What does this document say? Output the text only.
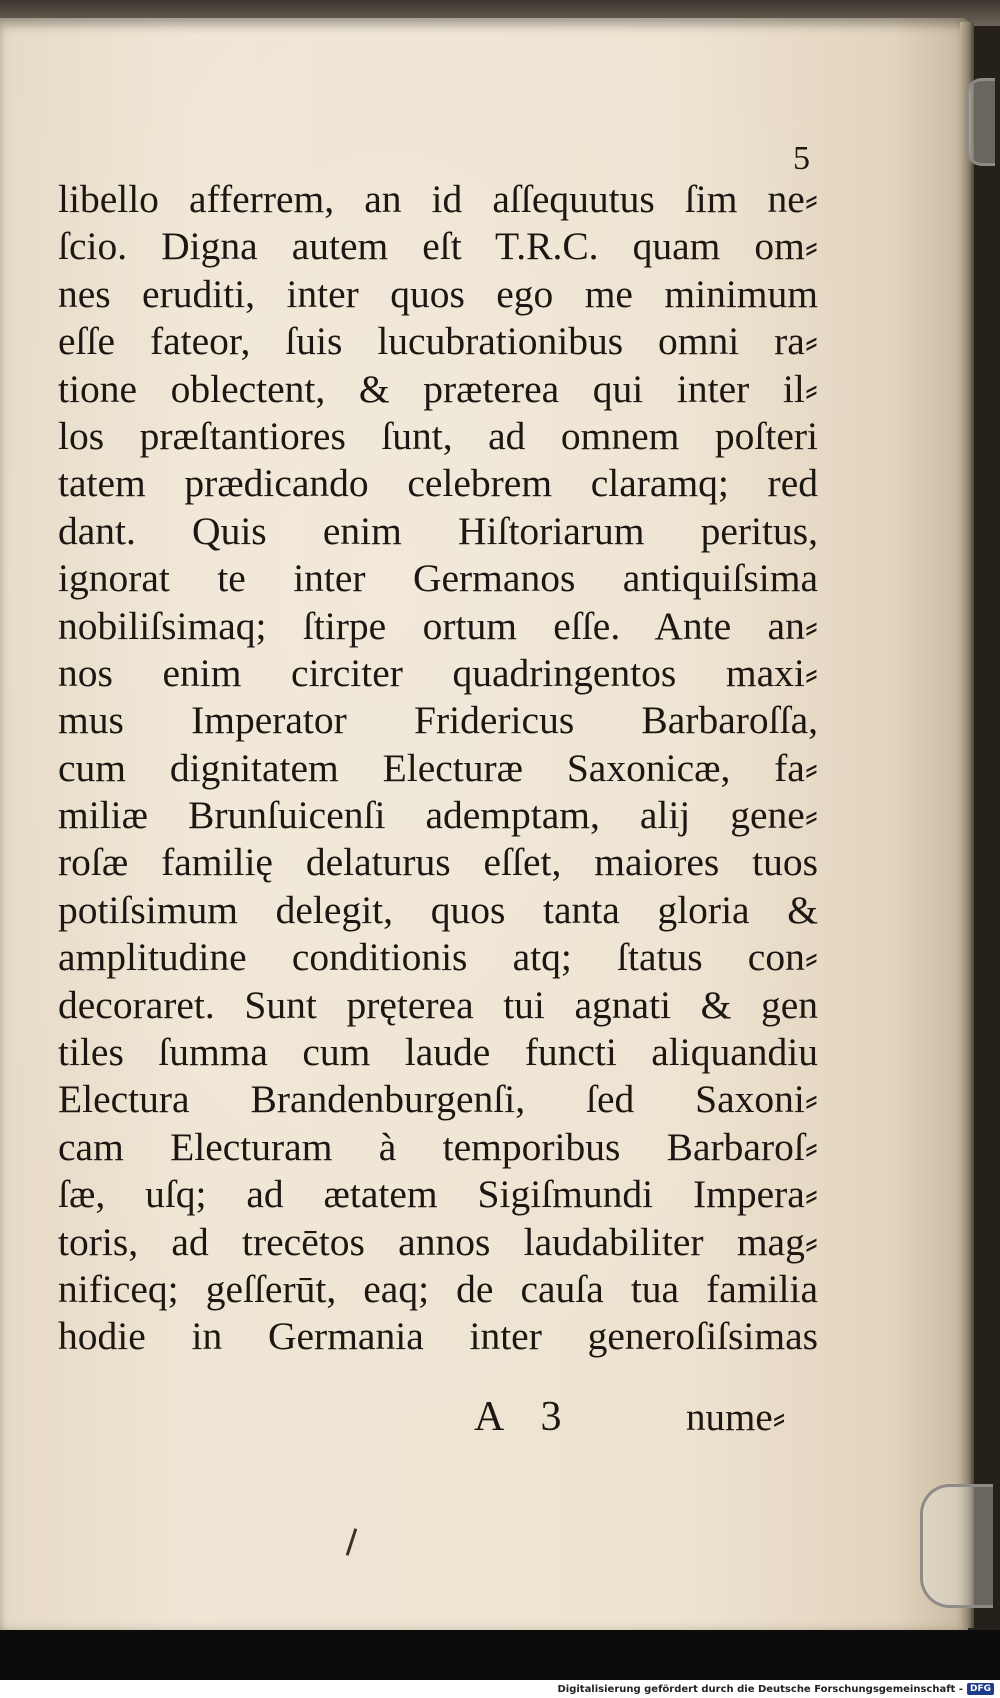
5
libello afferrem, an id aſſequutus ſim ne⸗
ſcio. Digna autem eſt T.R.C. quam om⸗
nes eruditi, inter quos ego me minimum
eſſe fateor, ſuis lucubrationibus omni ra⸗
tione oblectent, & præterea qui inter il⸗
los præſtantiores ſunt, ad omnem poſteri
tatem prædicando celebrem claramq; red
dant. Quis enim Hiſtoriarum peritus,
ignorat te inter Germanos antiquiſsima
nobiliſsimaq; ſtirpe ortum eſſe. Ante an⸗
nos enim circiter quadringentos maxi⸗
mus Imperator Fridericus Barbaroſſa,
cum dignitatem Electuræ Saxonicæ, fa⸗
miliæ Brunſuicenſi ademptam, alij gene⸗
roſæ familię delaturus eſſet, maiores tuos
potiſsimum delegit, quos tanta gloria &
amplitudine conditionis atq; ſtatus con⸗
decoraret. Sunt pręterea tui agnati & gen
tiles ſumma cum laude functi aliquandiu
Electura Brandenburgenſi, ſed Saxoni⸗
cam Electuram à temporibus Barbaroſ⸗
ſæ, uſq; ad ætatem Sigiſmundi Impera⸗
toris, ad trecētos annos laudabiliter mag⸗
nificeq; geſſerūt, eaq; de cauſa tua familia
hodie in Germania inter generoſiſsimas
A 3	nume⸗
Digitalisierung gefördert durch die Deutsche Forschungsgemeinschaft - DFG
